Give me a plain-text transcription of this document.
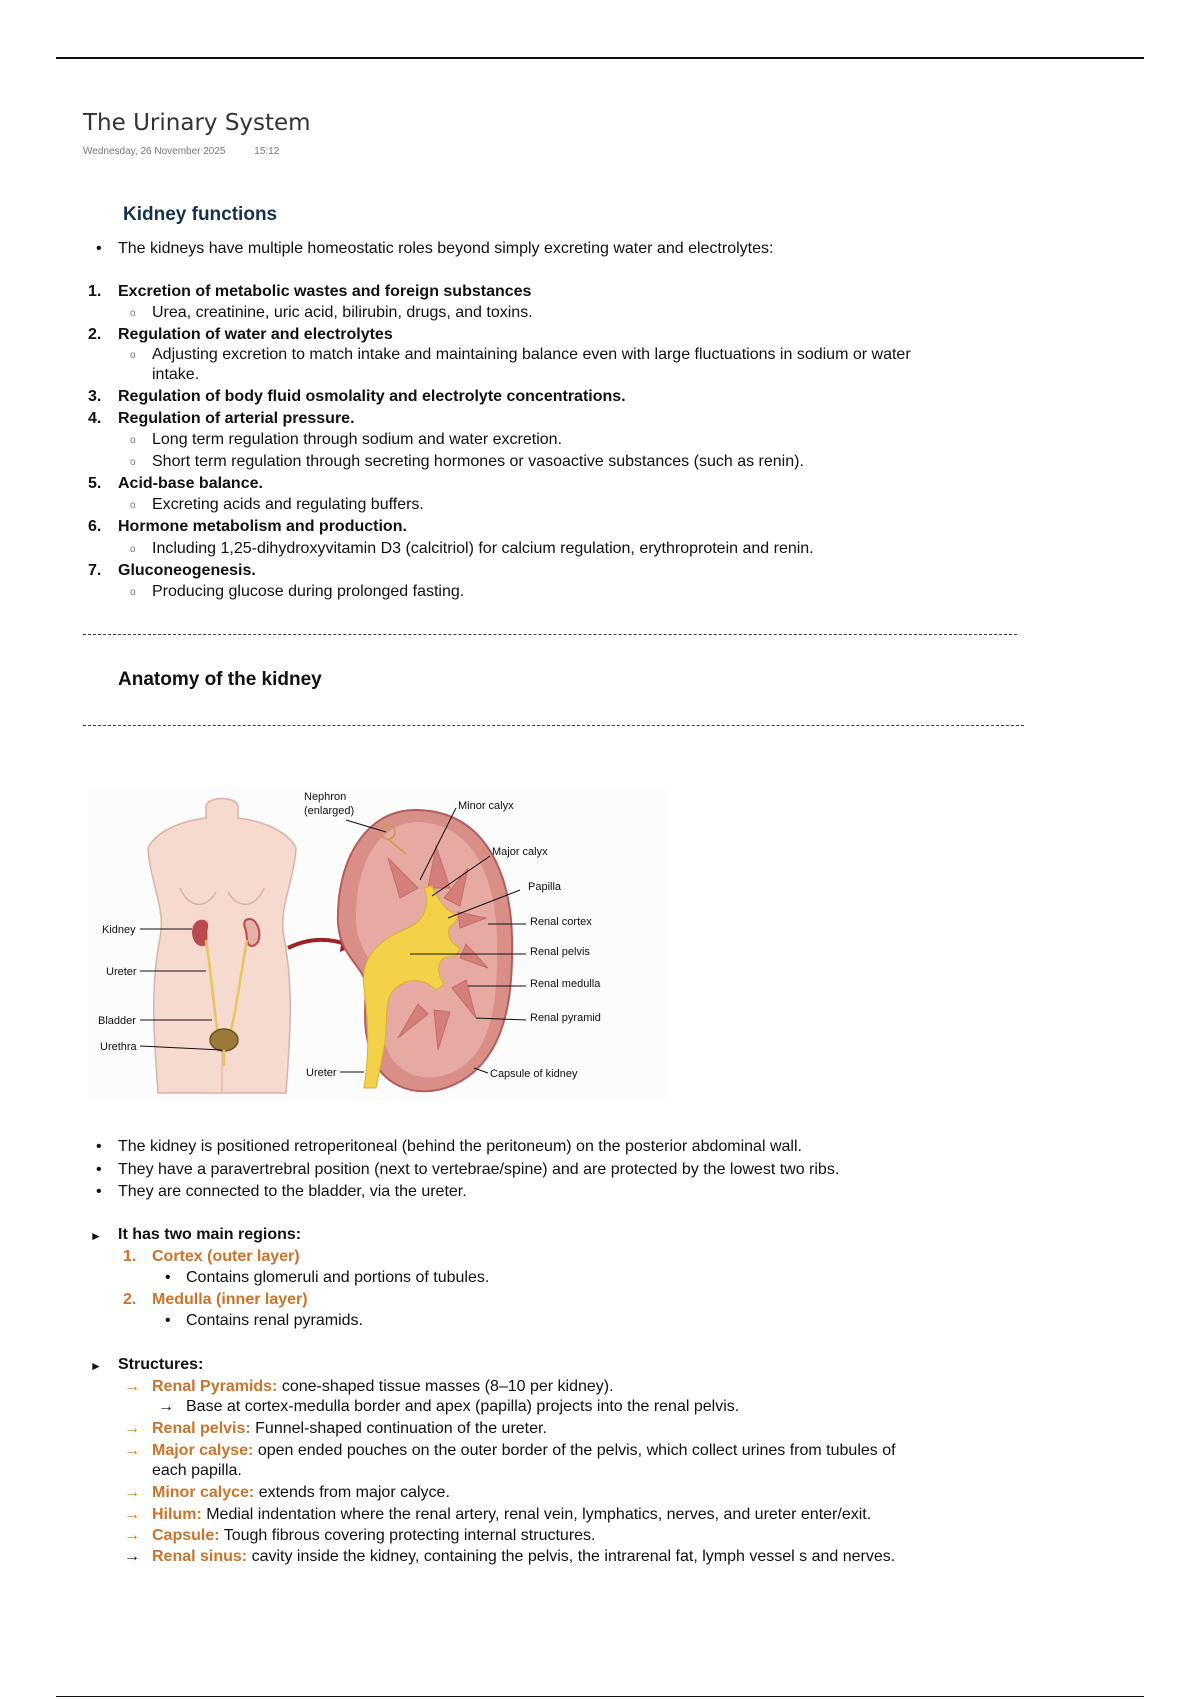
The Urinary System
Wednesday, 26 November 2025	15:12
Kidney functions
• The kidneys have multiple homeostatic roles beyond simply excreting water and electrolytes:
1. Excretion of metabolic wastes and foreign substances
o Urea, creatinine, uric acid, bilirubin, drugs, and toxins.
2. Regulation of water and electrolytes
o Adjusting excretion to match intake and maintaining balance even with large fluctuations in sodium or water
intake.
3. Regulation of body fluid osmolality and electrolyte concentrations.
4. Regulation of arterial pressure.
o Long term regulation through sodium and water excretion.
o Short term regulation through secreting hormones or vasoactive substances (such as renin).
5. Acid-base balance.
o Excreting acids and regulating buffers.
6. Hormone metabolism and production.
o Including 1,25-dihydroxyvitamin D3 (calcitriol) for calcium regulation, erythroprotein and renin.
7. Gluconeogenesis.
o Producing glucose during prolonged fasting.
Anatomy of the kidney
Nephron
(enlarged)	Minor calyx
Major calyx
Papilla
Renal cortex
Renal pelvis
Renal medulla
Renal pyramid
Capsule of kidney
Ureter
Kidney
Ureter
Bladder
Urethra
• The kidney is positioned retroperitoneal (behind the peritoneum) on the posterior abdominal wall.
• They have a paravertrebral position (next to vertebrae/spine) and are protected by the lowest two ribs.
• They are connected to the bladder, via the ureter.
► It has two main regions:
1. Cortex (outer layer)
• Contains glomeruli and portions of tubules.
2. Medulla (inner layer)
• Contains renal pyramids.
► Structures:
→ Renal Pyramids: cone-shaped tissue masses (8–10 per kidney).
→ Base at cortex-medulla border and apex (papilla) projects into the renal pelvis.
→ Renal pelvis: Funnel-shaped continuation of the ureter.
→ Major calyse: open ended pouches on the outer border of the pelvis, which collect urines from tubules of
each papilla.
→ Minor calyce: extends from major calyce.
→ Hilum: Medial indentation where the renal artery, renal vein, lymphatics, nerves, and ureter enter/exit.
→ Capsule: Tough fibrous covering protecting internal structures.
→ Renal sinus: cavity inside the kidney, containing the pelvis, the intrarenal fat, lymph vessel s and nerves.
